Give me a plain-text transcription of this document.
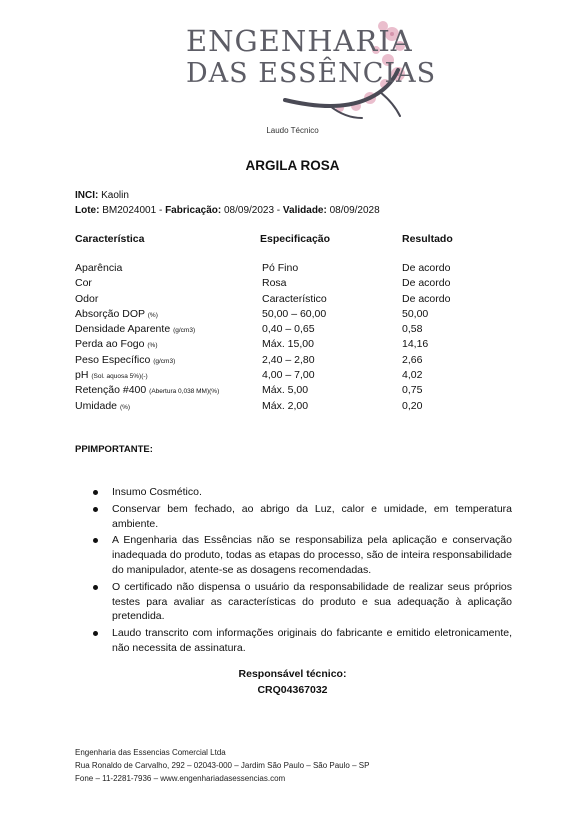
ENGENHARIA
DAS ESSÊNCIAS
Laudo Técnico
ARGILA ROSA
INCI: Kaolin
Lote: BM2024001 - Fabricação: 08/09/2023 - Validade: 08/09/2028
Característica	Especificação	Resultado
Aparência	Pó Fino	De acordo
Cor	Rosa	De acordo
Odor	Característico	De acordo
Absorção DOP (%)	50,00 – 60,00	50,00
Densidade Aparente (g/cm3)	0,40 – 0,65	0,58
Perda ao Fogo (%)	Máx. 15,00	14,16
Peso Específico (g/cm3)	2,40 – 2,80	2,66
pH (Sol. aquosa 5%)(-)	4,00 – 7,00	4,02
Retenção #400 (Abertura 0,038 MM)(%)	Máx. 5,00	0,75
Umidade (%)	Máx. 2,00	0,20
PPIMPORTANTE:
Insumo Cosmético.
Conservar bem fechado, ao abrigo da Luz, calor e umidade, em temperatura ambiente.
A Engenharia das Essências não se responsabiliza pela aplicação e conservação inadequada do produto, todas as etapas do processo, são de inteira responsabilidade do manipulador, atente-se as dosagens recomendadas.
O certificado não dispensa o usuário da responsabilidade de realizar seus próprios testes para avaliar as características do produto e sua adequação à aplicação pretendida.
Laudo transcrito com informações originais do fabricante e emitido eletronicamente, não necessita de assinatura.
Responsável técnico:
CRQ04367032
Engenharia das Essencias Comercial Ltda
Rua Ronaldo de Carvalho, 292 – 02043-000 – Jardim São Paulo – São Paulo – SP
Fone – 11-2281-7936 – www.engenhariadasessencias.com
